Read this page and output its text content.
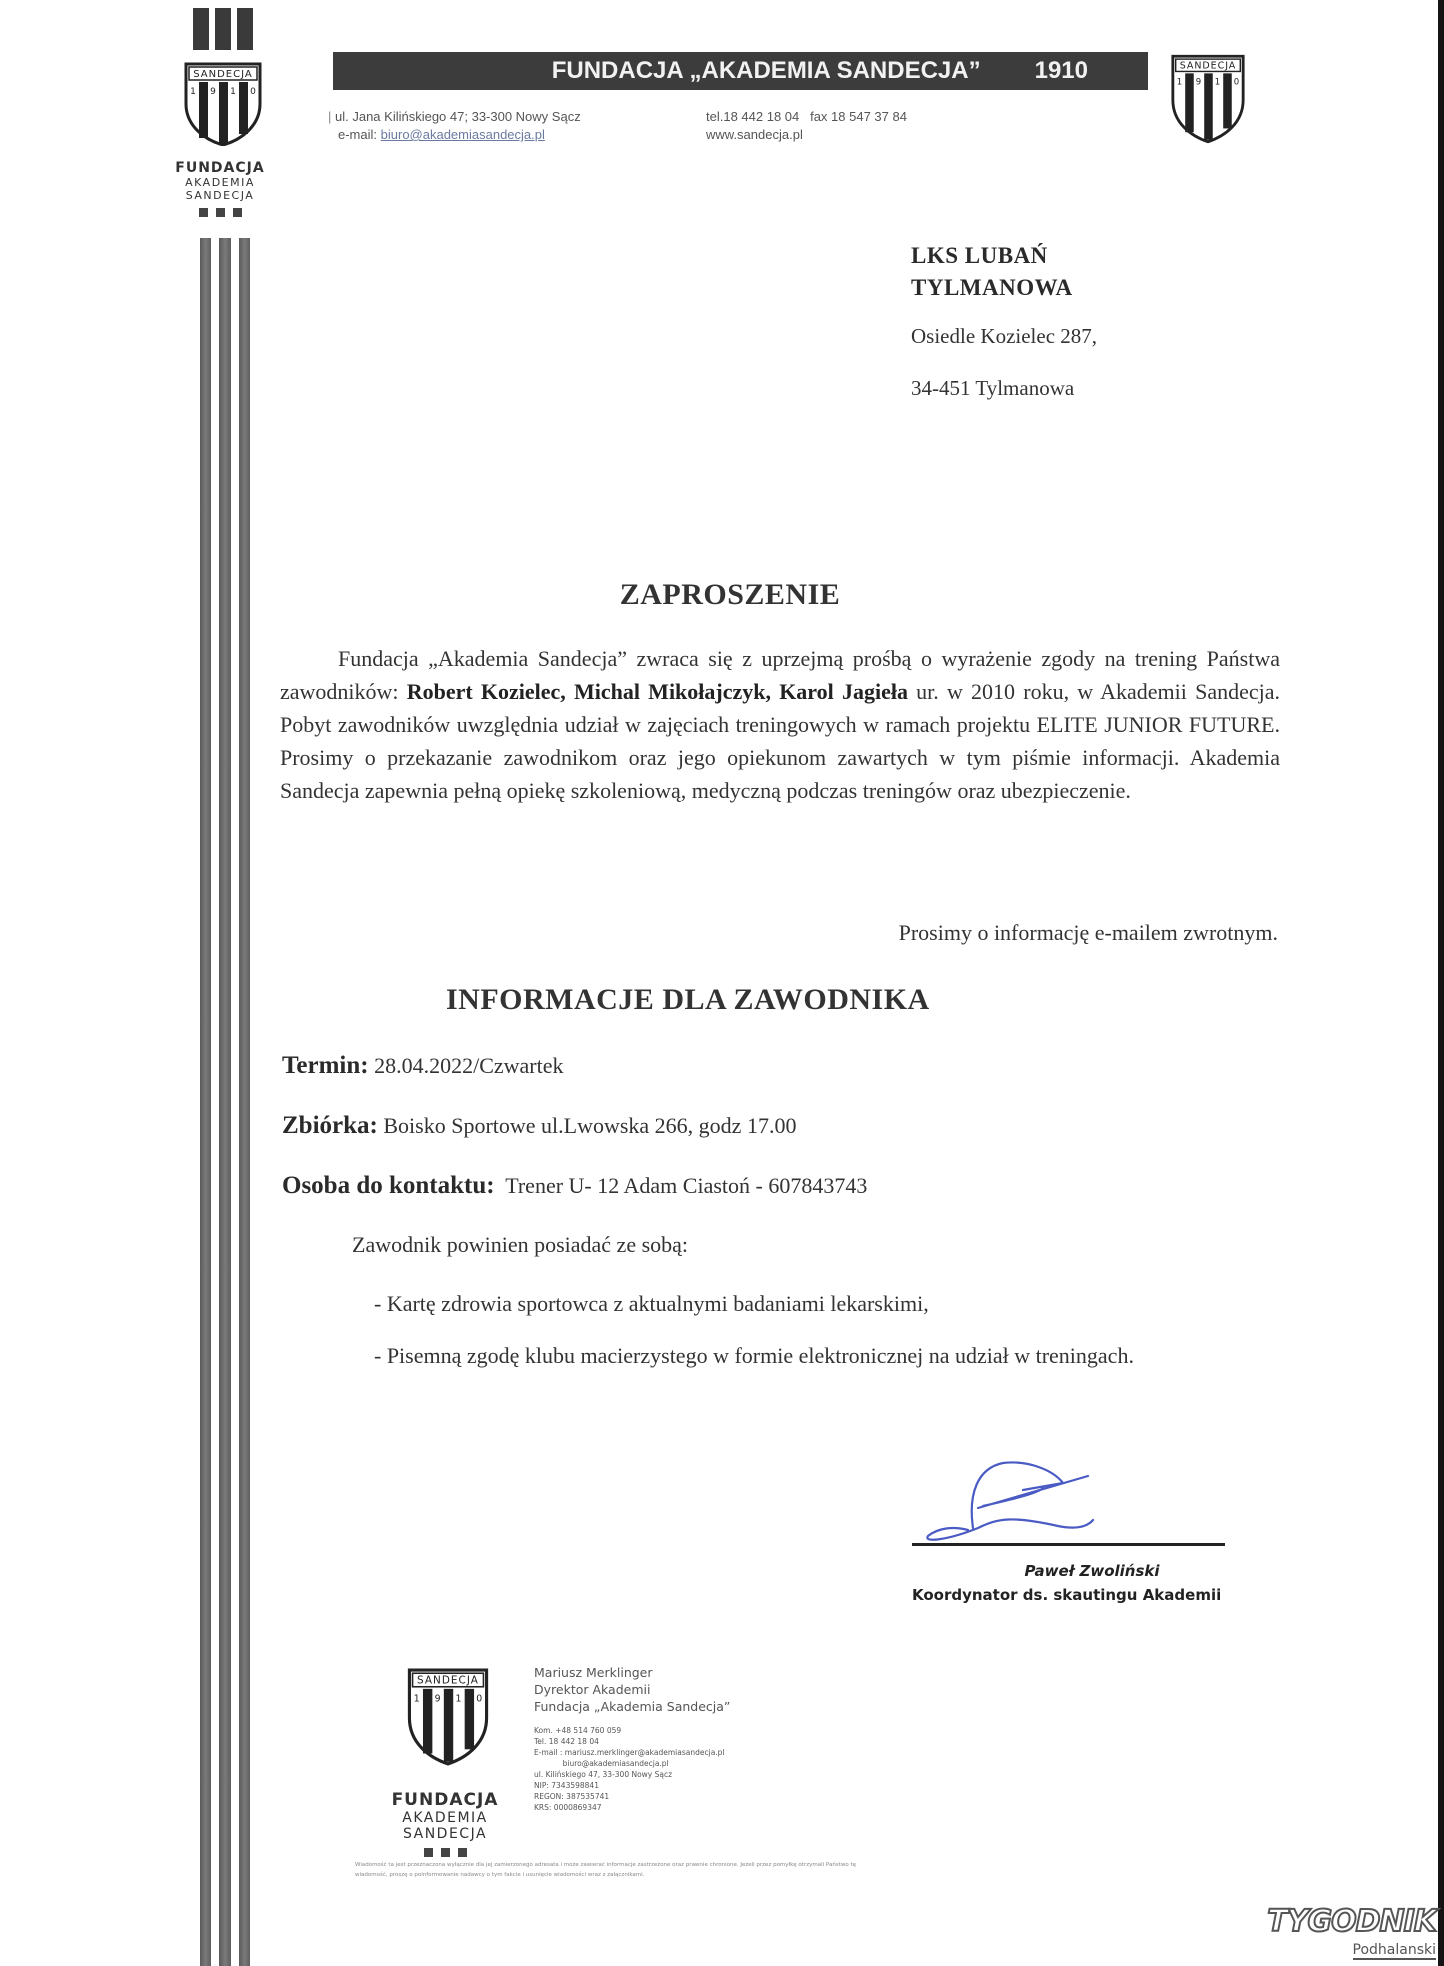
SANDECJA
1 9 1 0
FUNDACJA
AKADEMIA SANDECJA
FUNDACJA „AKADEMIA SANDECJA” 1910
| ul. Jana Kilińskiego 47; 33-300 Nowy Sącz
e-mail: biuro@akademiasandecja.pl
tel.18 442 18 04   fax 18 547 37 84
www.sandecja.pl
SANDECJA
1 9 1 0
LKS LUBAŃ
TYLMANOWA
Osiedle Kozielec 287,
34-451 Tylmanowa
ZAPROSZENIE
Fundacja „Akademia Sandecja” zwraca się z uprzejmą prośbą o wyrażenie zgody na trening Państwa zawodników: Robert Kozielec, Michal Mikołajczyk, Karol Jagieła ur. w 2010 roku, w Akademii Sandecja. Pobyt zawodników uwzględnia udział w zajęciach treningowych w ramach projektu ELITE JUNIOR FUTURE. Prosimy o przekazanie zawodnikom oraz jego opiekunom zawartych w tym piśmie informacji. Akademia Sandecja zapewnia pełną opiekę szkoleniową, medyczną podczas treningów oraz ubezpieczenie.
Prosimy o informację e-mailem zwrotnym.
INFORMACJE DLA ZAWODNIKA
Termin: 28.04.2022/Czwartek
Zbiórka: Boisko Sportowe ul.Lwowska 266, godz 17.00
Osoba do kontaktu: Trener U- 12 Adam Ciastoń - 607843743
Zawodnik powinien posiadać ze sobą:
- Kartę zdrowia sportowca z aktualnymi badaniami lekarskimi,
- Pisemną zgodę klubu macierzystego w formie elektronicznej na udział w treningach.
Paweł Zwoliński
Koordynator ds. skautingu Akademii
SANDECJA
1 9 1 0
FUNDACJA
AKADEMIA SANDECJA
Mariusz Merklinger
Dyrektor Akademii
Fundacja „Akademia Sandecja”
Kom. +48 514 760 059
Tel. 18 442 18 04
E-mail : mariusz.merklinger@akademiasandecja.pl
biuro@akademiasandecja.pl
ul. Kilińskiego 47, 33-300 Nowy Sącz
NIP: 7343598841
REGON: 387535741
KRS: 0000869347
Wiadomość ta jest przeznaczona wyłącznie dla jej zamierzonego adresata i może zawierać informacje zastrzeżone oraz prawnie chronione. Jeżeli przez pomyłkę otrzymali Państwo tę wiadomość, proszę o poinformowanie nadawcy o tym fakcie i usunięcie wiadomości wraz z załącznikami.
TYGODNIK
Podhalanski
